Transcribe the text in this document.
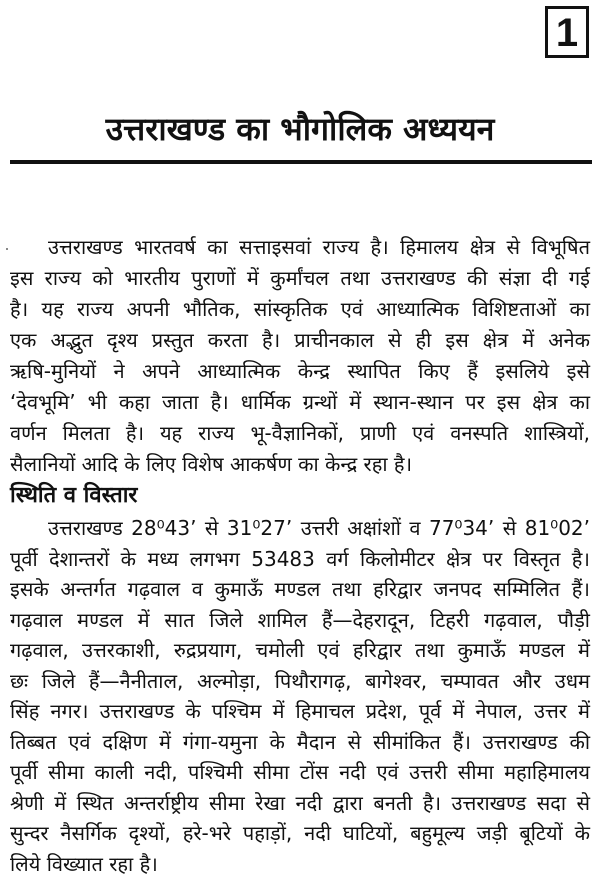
1
उत्तराखण्ड का भौगोलिक अध्ययन
उत्तराखण्ड भारतवर्ष का सत्ताइसवां राज्य है। हिमालय क्षेत्र से विभूषित
इस राज्य को भारतीय पुराणों में कुर्मांचल तथा उत्तराखण्ड की संज्ञा दी गई
है। यह राज्य अपनी भौतिक, सांस्कृतिक एवं आध्यात्मिक विशिष्टताओं का
एक अद्भुत दृश्य प्रस्तुत करता है। प्राचीनकाल से ही इस क्षेत्र में अनेक
ऋषि-मुनियों ने अपने आध्यात्मिक केन्द्र स्थापित किए हैं इसलिये इसे
‘देवभूमि’ भी कहा जाता है। धार्मिक ग्रन्थों में स्थान-स्थान पर इस क्षेत्र का
वर्णन मिलता है। यह राज्य भू-वैज्ञानिकों, प्राणी एवं वनस्पति शास्त्रियों,
सैलानियों आदि के लिए विशेष आकर्षण का केन्द्र रहा है।
स्थिति व विस्तार
उत्तराखण्ड 28⁰43’ से 31⁰27’ उत्तरी अक्षांशों व 77⁰34’ से 81⁰02’
पूर्वी देशान्तरों के मध्य लगभग 53483 वर्ग किलोमीटर क्षेत्र पर विस्तृत है।
इसके अन्तर्गत गढ़वाल व कुमाऊँ मण्डल तथा हरिद्वार जनपद सम्मिलित हैं।
गढ़वाल मण्डल में सात जिले शामिल हैं—देहरादून, टिहरी गढ़वाल, पौड़ी
गढ़वाल, उत्तरकाशी, रुद्रप्रयाग, चमोली एवं हरिद्वार तथा कुमाऊँ मण्डल में
छः जिले हैं—नैनीताल, अल्मोड़ा, पिथौरागढ़, बागेश्वर, चम्पावत और उधम
सिंह नगर। उत्तराखण्ड के पश्चिम में हिमाचल प्रदेश, पूर्व में नेपाल, उत्तर में
तिब्बत एवं दक्षिण में गंगा-यमुना के मैदान से सीमांकित हैं। उत्तराखण्ड की
पूर्वी सीमा काली नदी, पश्चिमी सीमा टोंस नदी एवं उत्तरी सीमा महाहिमालय
श्रेणी में स्थित अन्तर्राष्ट्रीय सीमा रेखा नदी द्वारा बनती है। उत्तराखण्ड सदा से
सुन्दर नैसर्गिक दृश्यों, हरे-भरे पहाड़ों, नदी घाटियों, बहुमूल्य जड़ी बूटियों के
लिये विख्यात रहा है।
